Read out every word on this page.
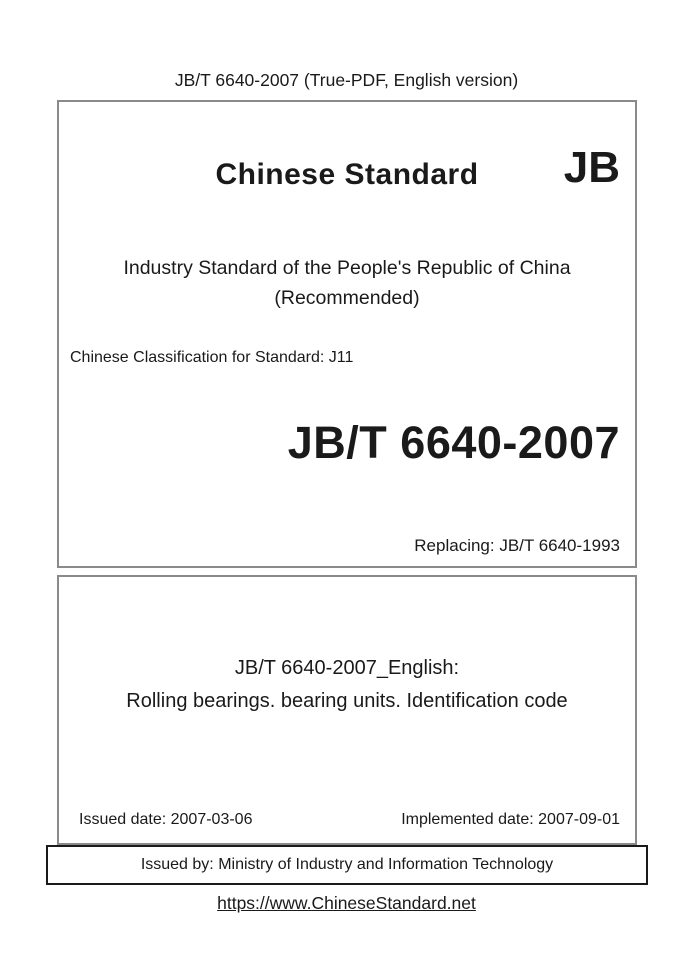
JB/T 6640-2007 (True-PDF, English version)
Chinese Standard	JB
Industry Standard of the People's Republic of China
(Recommended)
Chinese Classification for Standard: J11
JB/T 6640-2007
Replacing: JB/T 6640-1993
JB/T 6640-2007_English:
Rolling bearings. bearing units. Identification code
Issued date: 2007-03-06	Implemented date: 2007-09-01
Issued by: Ministry of Industry and Information Technology
https://www.ChineseStandard.net
